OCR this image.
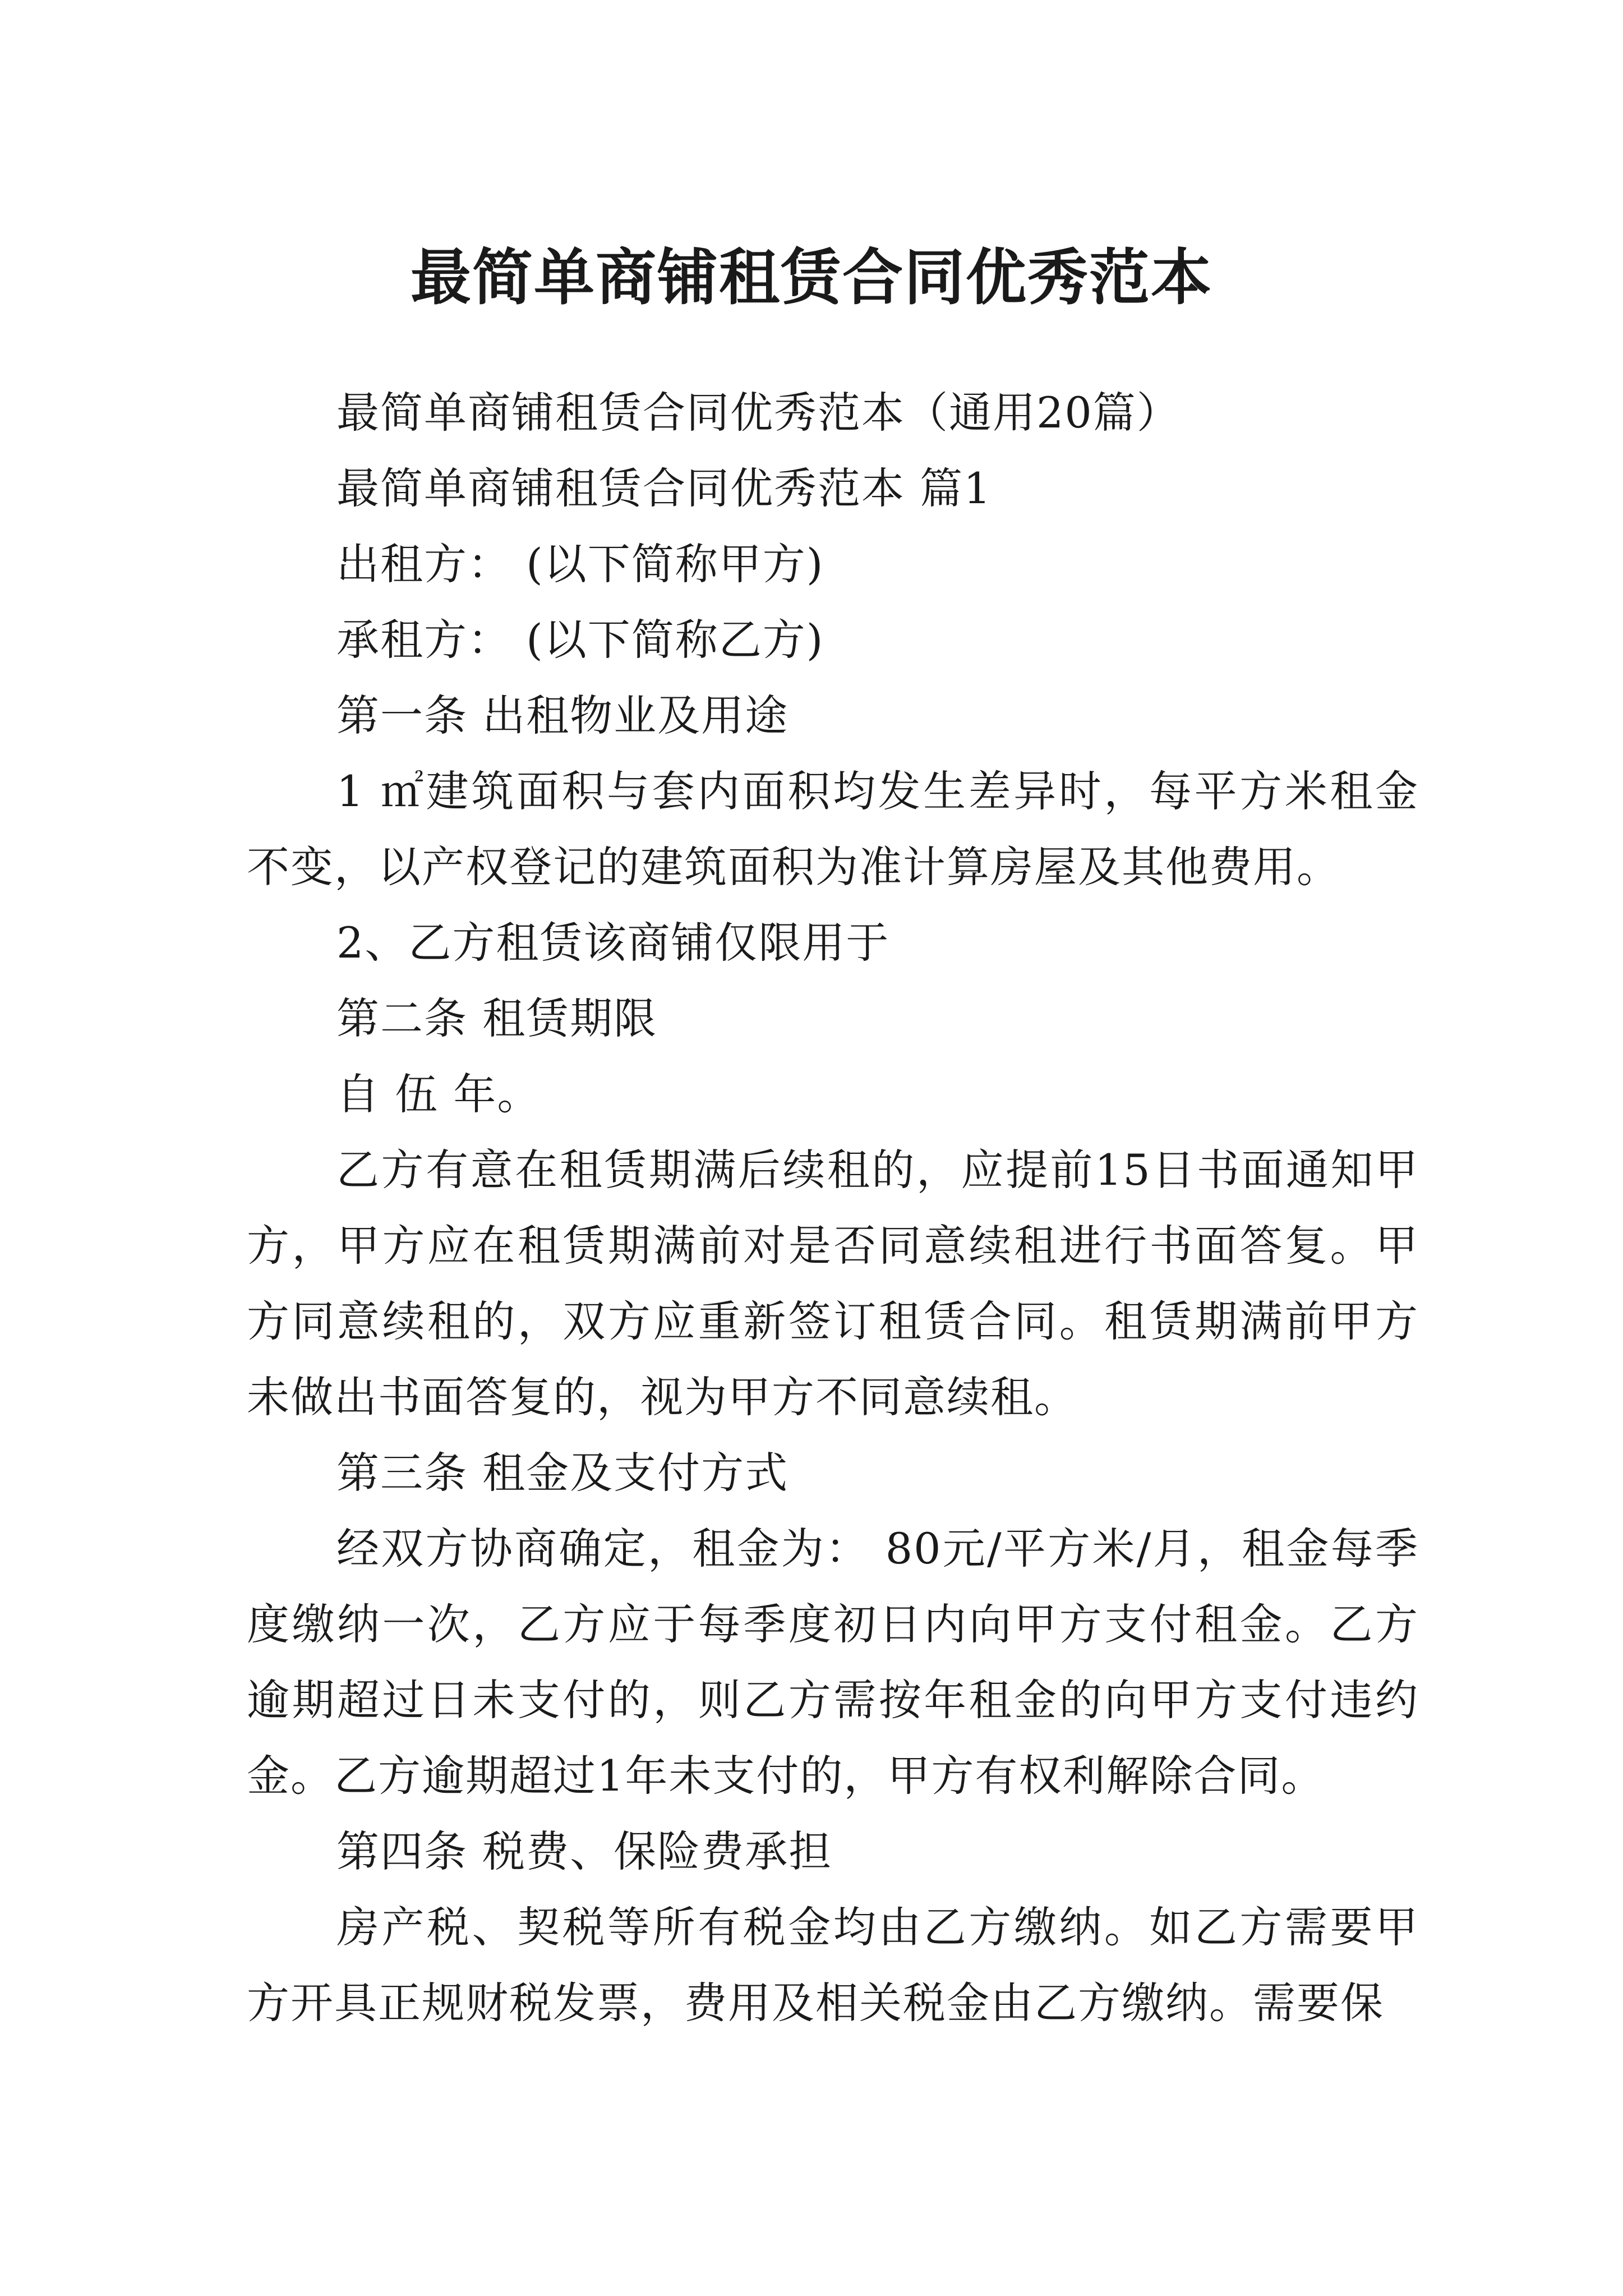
最简单商铺租赁合同优秀范本

最简单商铺租赁合同优秀范本（通用20篇）

最简单商铺租赁合同优秀范本 篇1

出租方： (以下简称甲方)

承租方： (以下简称乙方)

第一条 出租物业及用途

1 ㎡建筑面积与套内面积均发生差异时，每平方米租金不变，以产权登记的建筑面积为准计算房屋及其他费用。

2、乙方租赁该商铺仅限用于

第二条 租赁期限

自 伍 年。

乙方有意在租赁期满后续租的，应提前15日书面通知甲方，甲方应在租赁期满前对是否同意续租进行书面答复。甲方同意续租的，双方应重新签订租赁合同。租赁期满前甲方未做出书面答复的，视为甲方不同意续租。

第三条 租金及支付方式

经双方协商确定，租金为： 80元/平方米/月，租金每季度缴纳一次，乙方应于每季度初日内向甲方支付租金。乙方逾期超过日未支付的，则乙方需按年租金的向甲方支付违约金。乙方逾期超过1年未支付的，甲方有权利解除合同。

第四条 税费、保险费承担

房产税、契税等所有税金均由乙方缴纳。如乙方需要甲方开具正规财税发票，费用及相关税金由乙方缴纳。需要保
